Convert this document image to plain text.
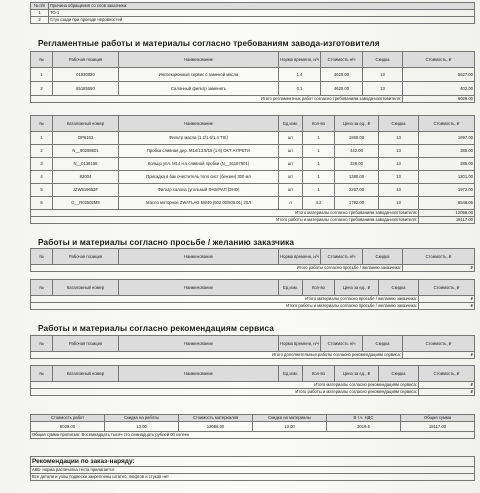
№ п/п	Причина обращения со слов заказчика:
1	ТО-1
2	Стук сзади при проезде неровностей
Регламентные работы и материалы согласно требованиям завода-изготовителя
№	Рабочая позиция	Наименование	Норма времени, н/ч	Стоимость н/ч	Скидка	Стоимость, ₽
1	01030020	Инспекционный сервис с заменой масла	1.4	4620.00	13	5627.00
2	85185550	Салонный фильтр заменить	0.1	4620.00	13	402.00
Итого регламентных работ согласно требованиям завода-изготовителя:						6029.00
№	Каталожный номер	Наименование	Ед.изм.	Кол-во	Цена за ед., ₽	Скидка	Стоимость, ₽
1	OP6163	Фильтр масла (1.2/1.6/1.4 TSI)	шт	1	1950.00	13	1697.00
2	N__90288601	Пробка сливная дер. M14/13.5/15 (1.6) ОКТ А7/РЕТИ	шт	1	442.00	13	385.00
3	N__0138158	Кольцо упл. M14 н.о.сливной пробки (N__91167901)	шт	1	328.00	13	285.00
4	82004	Присадка в бак очиститель топл.сист (бензин) 300 мл	шт	1	1380.00	13	1201.00
5	JZW819653F	Фильтр салона (угольный ФАБ/РАП (ЗНО)	шт	1	2267.00	13	1972.00
6	G__R02502M8	Масло моторное ZWATLAG 5W40 (502.00/505.01) 20Л	л	4.2	1792.00	13	6548.05
Итого материалы согласно требованиям завода-изготовителя:							12058.00
Итого работы и материалы согласно требованиям завода-изготовителя:							18117.00
Работы и материалы согласно просьбе / желанию заказчика
№	Рабочая позиция	Наименование	Норма времени, н/ч	Стоимость н/ч	Скидка	Стоимость, ₽
Итого работы согласно просьбе / желанию заказчика:						₽
№	Каталожный номер	Наименование	Ед.изм.	Кол-во	Цена за ед., ₽	Скидка	Стоимость, ₽
Итого материалы согласно просьбе / желанию заказчика:							₽
Итого работы и материалы согласно просьбе / желанию заказчика:							₽
Работы и материалы согласно рекомендациям сервиса
№	Рабочая позиция	Наименование	Норма времени, н/ч	Стоимость н/ч	Скидка	Стоимость, ₽
Итого дополнительные работы согласно рекомендациям сервиса:						₽
№	Каталожный номер	Наименование	Ед.изм.	Кол-во	Цена за ед., ₽	Скидка	Стоимость, ₽
Итого материалы согласно рекомендациям сервиса:							₽
Итого работы и материалы согласно рекомендациям сервиса:							₽
Стоимость работ	Скидка на работы	Стоимость материалов	Скидка на материалы	В т.ч. НДС	Общая сумма
6029.00	13.00	12088.00	13.00	3019.5	18117.00
Общая сумма прописью: Восемнадцать тысяч сто семнадцать рублей 00 копеек					
Рекомендации по заказ-наряду:
АКБ- норма распечатка теста прилагается
Все детали и узлы подвески закреплены штатно, люфтов и стуков нет
